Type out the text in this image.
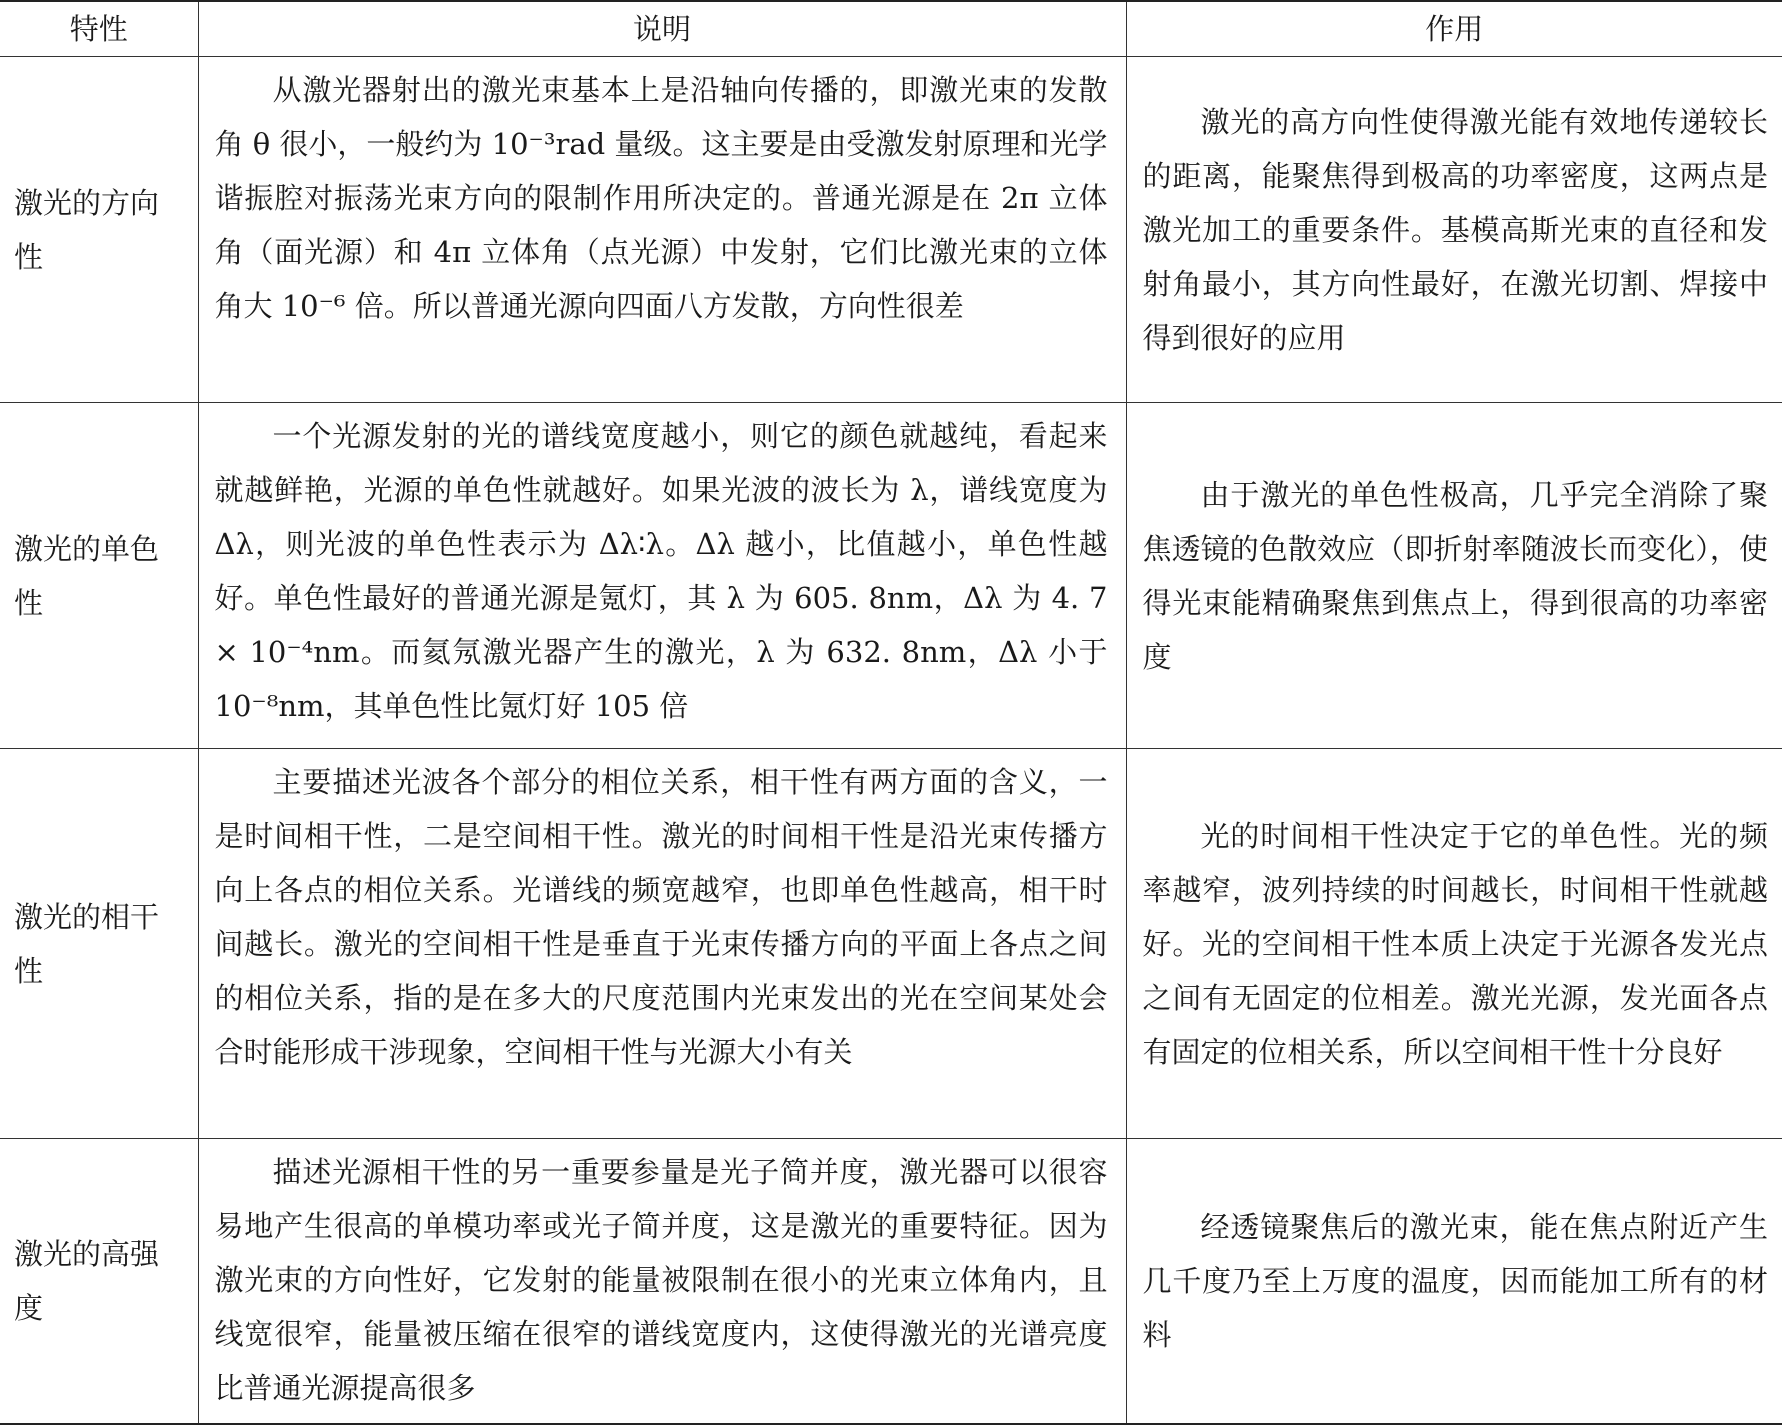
特性	说明	作用
激光的方向性	从激光器射出的激光束基本上是沿轴向传播的，即激光束的发散角 θ 很小，一般约为 10⁻³rad 量级。这主要是由受激发射原理和光学谐振腔对振荡光束方向的限制作用所决定的。普通光源是在 2π 立体角（面光源）和 4π 立体角（点光源）中发射，它们比激光束的立体角大 10⁻⁶ 倍。所以普通光源向四面八方发散，方向性很差	激光的高方向性使得激光能有效地传递较长的距离，能聚焦得到极高的功率密度，这两点是激光加工的重要条件。基模高斯光束的直径和发射角最小，其方向性最好，在激光切割、焊接中得到很好的应用
激光的单色性	一个光源发射的光的谱线宽度越小，则它的颜色就越纯，看起来就越鲜艳，光源的单色性就越好。如果光波的波长为 λ，谱线宽度为 Δλ，则光波的单色性表示为 Δλ∶λ。Δλ 越小，比值越小，单色性越好。单色性最好的普通光源是氪灯，其 λ 为 605. 8nm，Δλ 为 4. 7 × 10⁻⁴nm。而氦氖激光器产生的激光，λ 为 632. 8nm，Δλ 小于 10⁻⁸nm，其单色性比氪灯好 105 倍	由于激光的单色性极高，几乎完全消除了聚焦透镜的色散效应（即折射率随波长而变化），使得光束能精确聚焦到焦点上，得到很高的功率密度
激光的相干性	主要描述光波各个部分的相位关系，相干性有两方面的含义，一是时间相干性，二是空间相干性。激光的时间相干性是沿光束传播方向上各点的相位关系。光谱线的频宽越窄，也即单色性越高，相干时间越长。激光的空间相干性是垂直于光束传播方向的平面上各点之间的相位关系，指的是在多大的尺度范围内光束发出的光在空间某处会合时能形成干涉现象，空间相干性与光源大小有关	光的时间相干性决定于它的单色性。光的频率越窄，波列持续的时间越长，时间相干性就越好。光的空间相干性本质上决定于光源各发光点之间有无固定的位相差。激光光源，发光面各点有固定的位相关系，所以空间相干性十分良好
激光的高强度	描述光源相干性的另一重要参量是光子简并度，激光器可以很容易地产生很高的单模功率或光子简并度，这是激光的重要特征。因为激光束的方向性好，它发射的能量被限制在很小的光束立体角内，且线宽很窄，能量被压缩在很窄的谱线宽度内，这使得激光的光谱亮度比普通光源提高很多	经透镜聚焦后的激光束，能在焦点附近产生几千度乃至上万度的温度，因而能加工所有的材料
